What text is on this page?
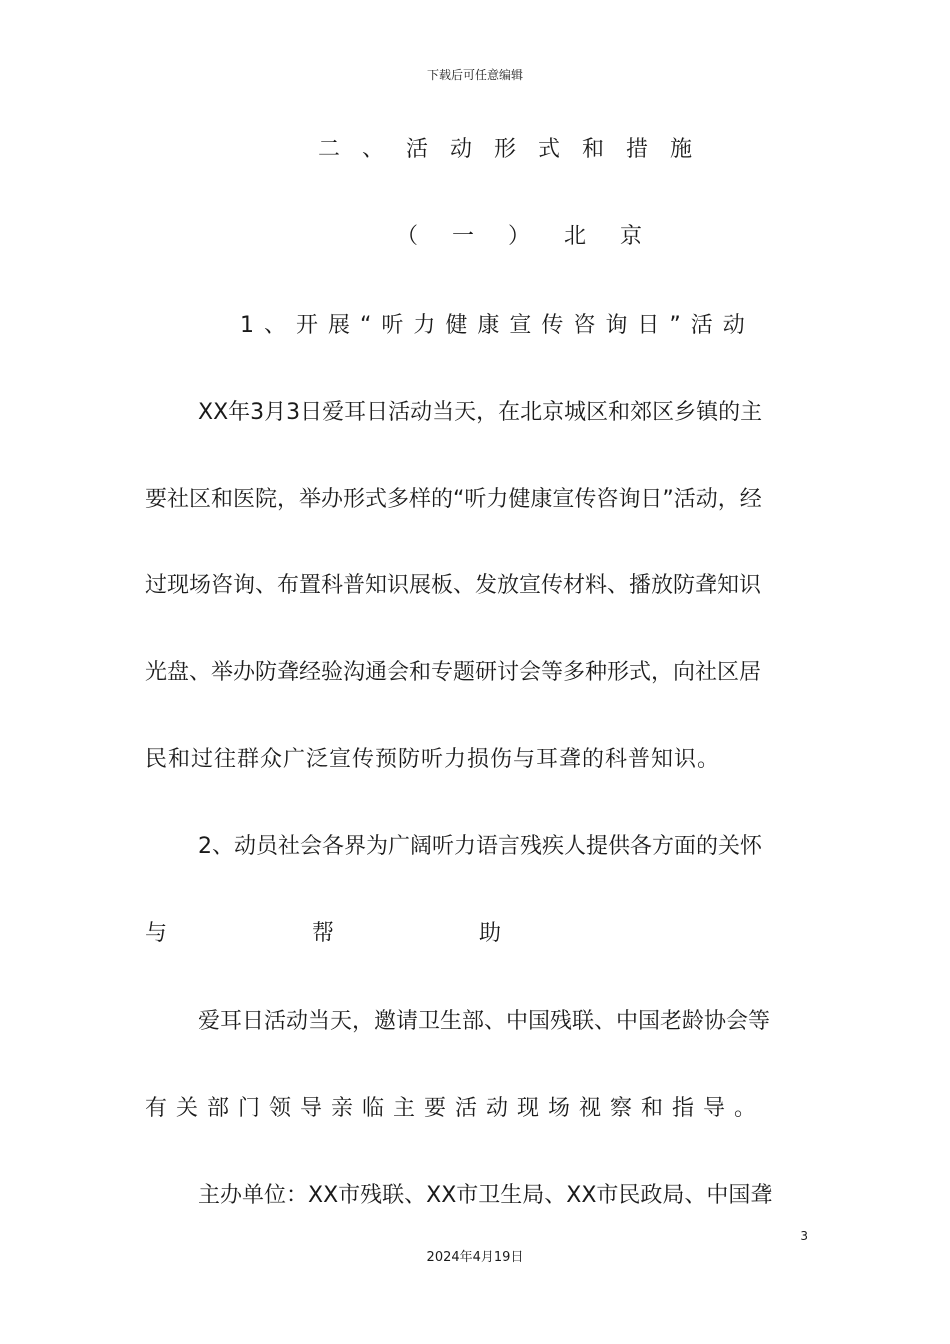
下载后可任意编辑
二、活动形式和措施
（一）北京
1、开展“听力健康宣传咨询日”活动
XX年3月3日爱耳日活动当天，在北京城区和郊区乡镇的主
要社区和医院，举办形式多样的“听力健康宣传咨询日”活动，经
过现场咨询、布置科普知识展板、发放宣传材料、播放防聋知识
光盘、举办防聋经验沟通会和专题研讨会等多种形式，向社区居
民和过往群众广泛宣传预防听力损伤与耳聋的科普知识。
2、动员社会各界为广阔听力语言残疾人提供各方面的关怀
与帮助
爱耳日活动当天，邀请卫生部、中国残联、中国老龄协会等
有关部门领导亲临主要活动现场视察和指导。
主办单位：XX市残联、XX市卫生局、XX市民政局、中国聋
3
2024年4月19日
